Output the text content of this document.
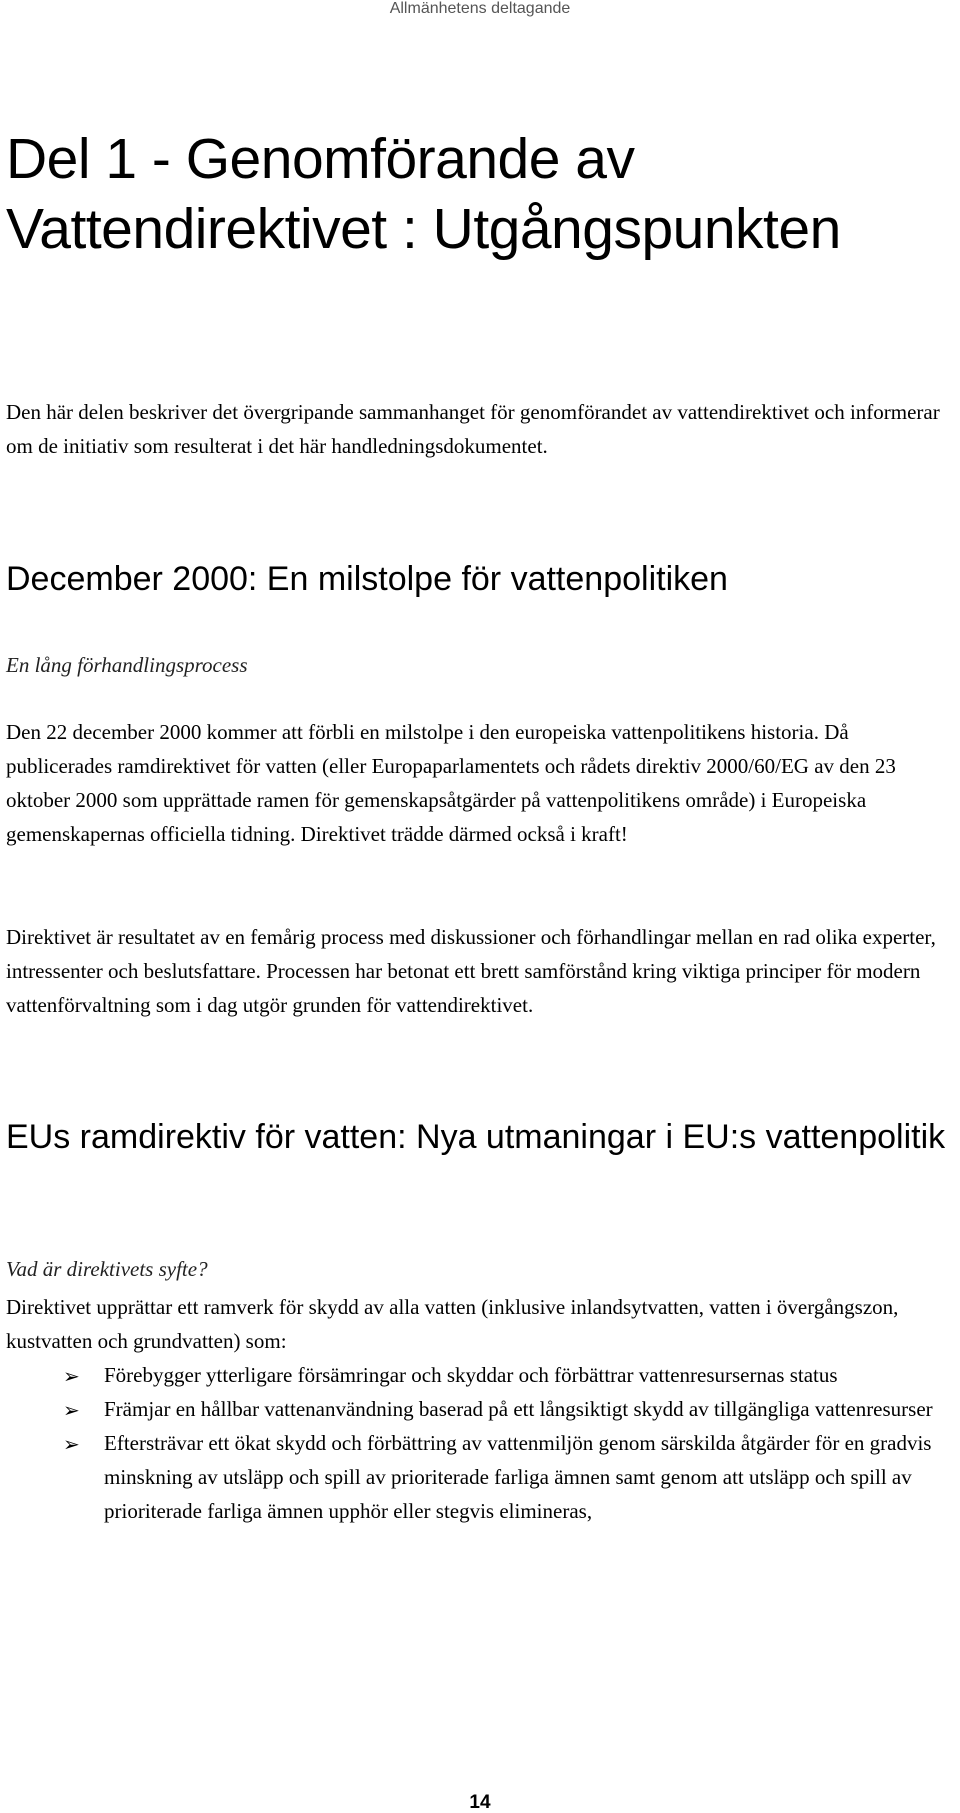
Allmänhetens deltagande
Del 1 - Genomförande av Vattendirektivet : Utgångspunkten

Den här delen beskriver det övergripande sammanhanget för genomförandet av vattendirektivet och informerar om de initiativ som resulterat i det här handledningsdokumentet.

December 2000: En milstolpe för vattenpolitiken

En lång förhandlingsprocess

Den 22 december 2000 kommer att förbli en milstolpe i den europeiska vattenpolitikens historia. Då publicerades ramdirektivet för vatten (eller Europaparlamentets och rådets direktiv 2000/60/EG av den 23 oktober 2000 som upprättade ramen för gemenskapsåtgärder på vattenpolitikens område) i Europeiska gemenskapernas officiella tidning. Direktivet trädde därmed också i kraft!

Direktivet är resultatet av en femårig process med diskussioner och förhandlingar mellan en rad olika experter, intressenter och beslutsfattare. Processen har betonat ett brett samförstånd kring viktiga principer för modern vattenförvaltning som i dag utgör grunden för vattendirektivet.

EUs ramdirektiv för vatten: Nya utmaningar i EU:s vattenpolitik

Vad är direktivets syfte?

Direktivet upprättar ett ramverk för skydd av alla vatten (inklusive inlandsytvatten, vatten i övergångszon, kustvatten och grundvatten) som:

➢ Förebygger ytterligare försämringar och skyddar och förbättrar vattenresursernas status
➢ Främjar en hållbar vattenanvändning baserad på ett långsiktigt skydd av tillgängliga vattenresurser
➢ Eftersträvar ett ökat skydd och förbättring av vattenmiljön genom särskilda åtgärder för en gradvis minskning av utsläpp och spill av prioriterade farliga ämnen samt genom att utsläpp och spill av prioriterade farliga ämnen upphör eller stegvis elimineras,
14
